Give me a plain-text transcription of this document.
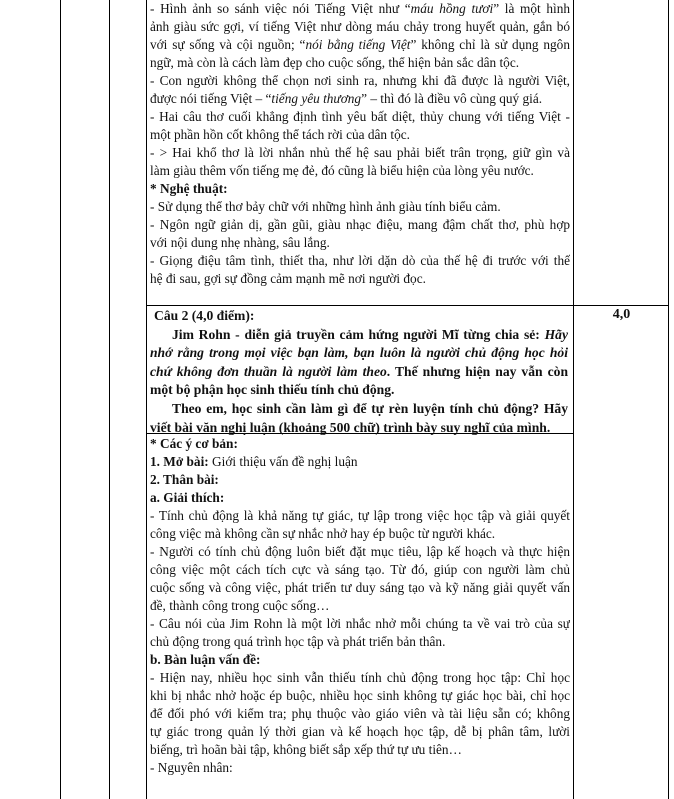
- Hình ảnh so sánh việc nói Tiếng Việt như “máu hồng tươi” là một hình
ảnh giàu sức gợi, ví tiếng Việt như dòng máu chảy trong huyết quản, gắn bó
với sự sống và cội nguồn; “nói bằng tiếng Việt” không chỉ là sử dụng ngôn
ngữ, mà còn là cách làm đẹp cho cuộc sống, thể hiện bản sắc dân tộc.
- Con người không thể chọn nơi sinh ra, nhưng khi đã được là người Việt,
được nói tiếng Việt – “tiếng yêu thương” – thì đó là điều vô cùng quý giá.
- Hai câu thơ cuối khẳng định tình yêu bất diệt, thủy chung với tiếng Việt -
một phần hồn cốt không thể tách rời của dân tộc.
- > Hai khổ thơ là lời nhắn nhủ thế hệ sau phải biết trân trọng, giữ gìn và
làm giàu thêm vốn tiếng mẹ đẻ, đó cũng là biểu hiện của lòng yêu nước.
* Nghệ thuật:
- Sử dụng thể thơ bảy chữ với những hình ảnh giàu tính biểu cảm.
- Ngôn ngữ giản dị, gần gũi, giàu nhạc điệu, mang đậm chất thơ, phù hợp
với nội dung nhẹ nhàng, sâu lắng.
- Giọng điệu tâm tình, thiết tha, như lời dặn dò của thế hệ đi trước với thế
hệ đi sau, gợi sự đồng cảm mạnh mẽ nơi người đọc.
4,0
Câu 2 (4,0 điểm):
Jim Rohn - diễn giả truyền cảm hứng người Mĩ từng chia sẻ: Hãy nhớ rằng trong mọi việc bạn làm, bạn luôn là người chủ động học hỏi chứ không đơn thuần là người làm theo. Thế nhưng hiện nay vẫn còn một bộ phận học sinh thiếu tính chủ động.
Theo em, học sinh cần làm gì để tự rèn luyện tính chủ động? Hãy viết bài văn nghị luận (khoảng 500 chữ) trình bày suy nghĩ của mình.
* Các ý cơ bản:
1. Mở bài: Giới thiệu vấn đề nghị luận
2. Thân bài:
a. Giải thích:
- Tính chủ động là khả năng tự giác, tự lập trong việc học tập và giải quyết
công việc mà không cần sự nhắc nhở hay ép buộc từ người khác.
- Người có tính chủ động luôn biết đặt mục tiêu, lập kế hoạch và thực hiện
công việc một cách tích cực và sáng tạo. Từ đó, giúp con người làm chủ
cuộc sống và công việc, phát triển tư duy sáng tạo và kỹ năng giải quyết vấn
đề, thành công trong cuộc sống…
- Câu nói của Jim Rohn là một lời nhắc nhở mỗi chúng ta về vai trò của sự
chủ động trong quá trình học tập và phát triển bản thân.
b. Bàn luận vấn đề:
- Hiện nay, nhiều học sinh vẫn thiếu tính chủ động trong học tập: Chỉ học
khi bị nhắc nhở hoặc ép buộc, nhiều học sinh không tự giác học bài, chỉ học
để đối phó với kiểm tra; phụ thuộc vào giáo viên và tài liệu sẵn có; không
tự giác trong quản lý thời gian và kế hoạch học tập, dễ bị phân tâm, lười
biếng, trì hoãn bài tập, không biết sắp xếp thứ tự ưu tiên…
- Nguyên nhân:
